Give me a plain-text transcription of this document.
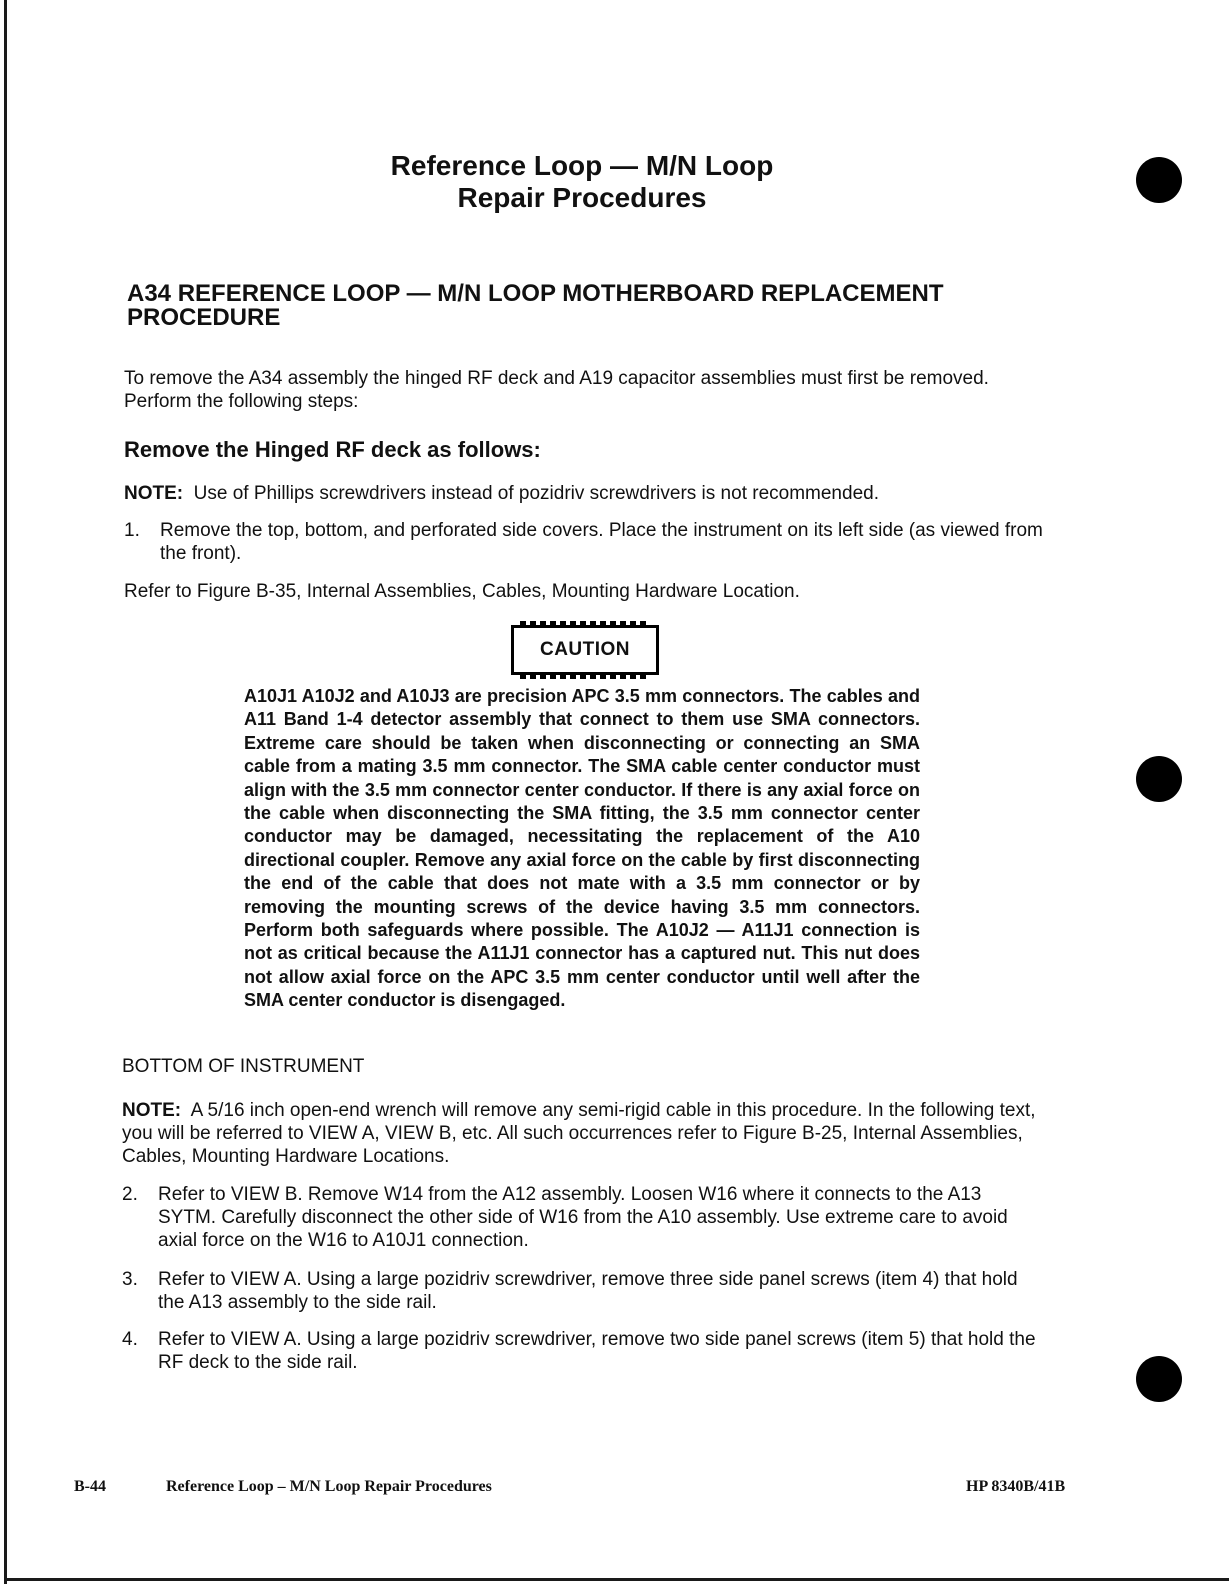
Reference Loop — M/N Loop
Repair Procedures
A34 REFERENCE LOOP — M/N LOOP MOTHERBOARD REPLACEMENT PROCEDURE
To remove the A34 assembly the hinged RF deck and A19 capacitor assemblies must first be removed. Perform the following steps:
Remove the Hinged RF deck as follows:
NOTE: Use of Phillips screwdrivers instead of pozidriv screwdrivers is not recommended.
1. Remove the top, bottom, and perforated side covers. Place the instrument on its left side (as viewed from the front).
Refer to Figure B-35, Internal Assemblies, Cables, Mounting Hardware Location.
CAUTION
A10J1 A10J2 and A10J3 are precision APC 3.5 mm connectors. The cables and A11 Band 1-4 detector assembly that connect to them use SMA connectors. Extreme care should be taken when disconnecting or connecting an SMA cable from a mating 3.5 mm connector. The SMA cable center conductor must align with the 3.5 mm connector center conductor. If there is any axial force on the cable when disconnecting the SMA fitting, the 3.5 mm connector center conductor may be damaged, necessitating the replacement of the A10 directional coupler. Remove any axial force on the cable by first disconnecting the end of the cable that does not mate with a 3.5 mm connector or by removing the mounting screws of the device having 3.5 mm connectors. Perform both safeguards where possible. The A10J2 — A11J1 connection is not as critical because the A11J1 connector has a captured nut. This nut does not allow axial force on the APC 3.5 mm center conductor until well after the SMA center conductor is disengaged.
BOTTOM OF INSTRUMENT
NOTE: A 5/16 inch open-end wrench will remove any semi-rigid cable in this procedure. In the following text, you will be referred to VIEW A, VIEW B, etc. All such occurrences refer to Figure B-25, Internal Assemblies, Cables, Mounting Hardware Locations.
2. Refer to VIEW B. Remove W14 from the A12 assembly. Loosen W16 where it connects to the A13 SYTM. Carefully disconnect the other side of W16 from the A10 assembly. Use extreme care to avoid axial force on the W16 to A10J1 connection.
3. Refer to VIEW A. Using a large pozidriv screwdriver, remove three side panel screws (item 4) that hold the A13 assembly to the side rail.
4. Refer to VIEW A. Using a large pozidriv screwdriver, remove two side panel screws (item 5) that hold the RF deck to the side rail.
B-44	Reference Loop – M/N Loop Repair Procedures	HP 8340B/41B
